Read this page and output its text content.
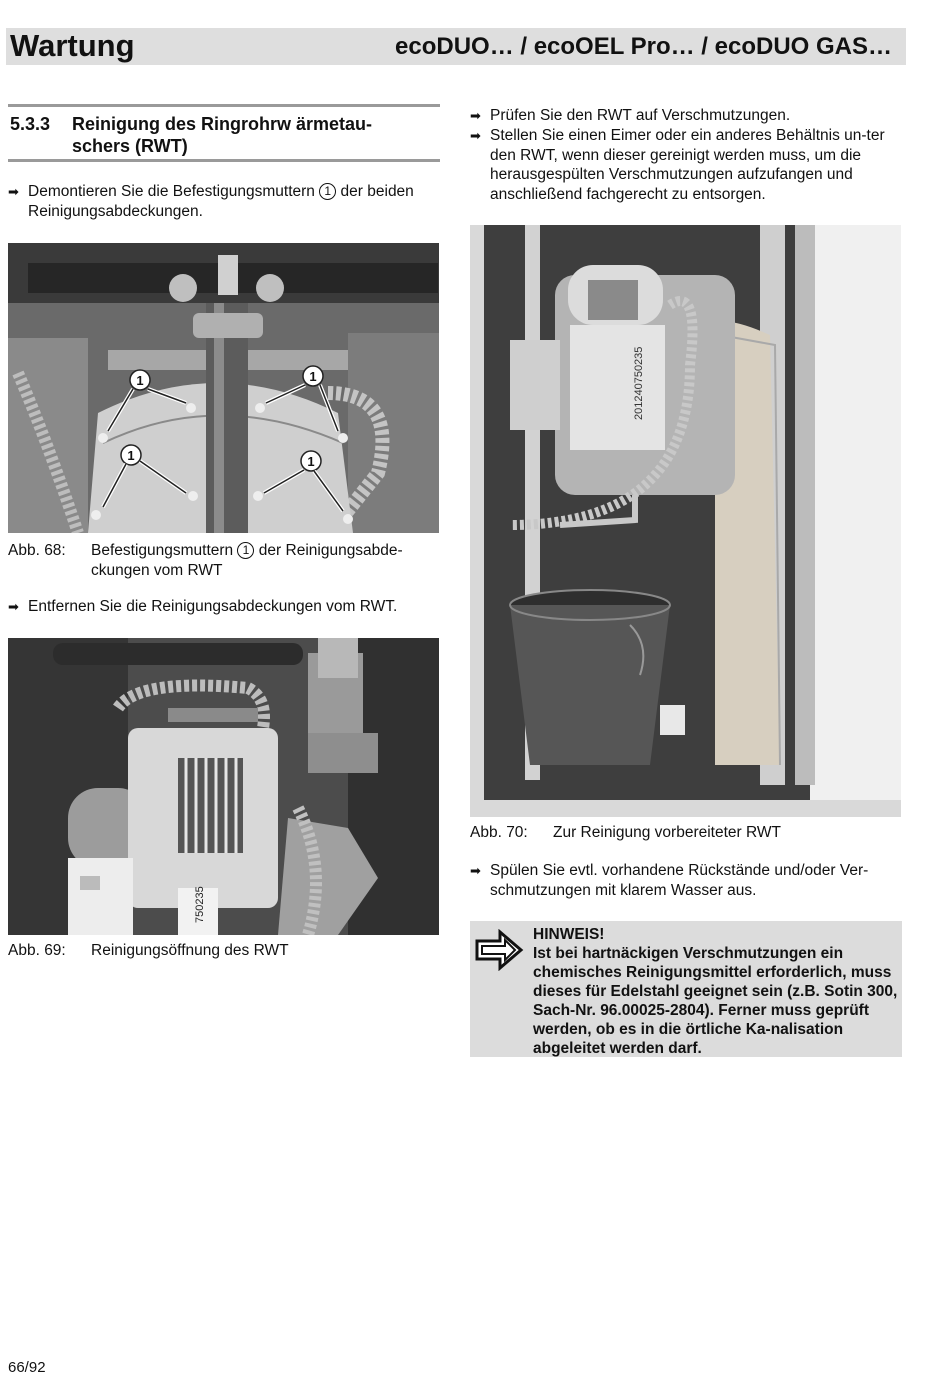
Wartung	ecoDUO… / ecoOEL Pro… / ecoDUO GAS…
5.3.3 Reinigung des Ringrohrw ärmetau-schers (RWT)
➡ Demontieren Sie die Befestigungsmuttern 1 der beiden Reinigungsabdeckungen.
1	1
1	1
Abb. 68: Befestigungsmuttern 1 der Reinigungsabde-ckungen vom RWT
➡ Entfernen Sie die Reinigungsabdeckungen vom RWT.
750235
Abb. 69: Reinigungsöffnung des RWT
➡ Prüfen Sie den RWT auf Verschmutzungen.
➡ Stellen Sie einen Eimer oder ein anderes Behältnis un-ter den RWT, wenn dieser gereinigt werden muss, um die herausgespülten Verschmutzungen aufzufangen und anschließend fachgerecht zu entsorgen.
201240750235
Abb. 70: Zur Reinigung vorbereiteter RWT
➡ Spülen Sie evtl. vorhandene Rückstände und/oder Ver-schmutzungen mit klarem Wasser aus.
HINWEIS!
Ist bei hartnäckigen Verschmutzungen ein chemisches Reinigungsmittel erforderlich, muss dieses für Edelstahl geeignet sein (z.B. Sotin 300, Sach-Nr. 96.00025-2804). Ferner muss geprüft werden, ob es in die örtliche Ka-nalisation abgeleitet werden darf.
66/92
